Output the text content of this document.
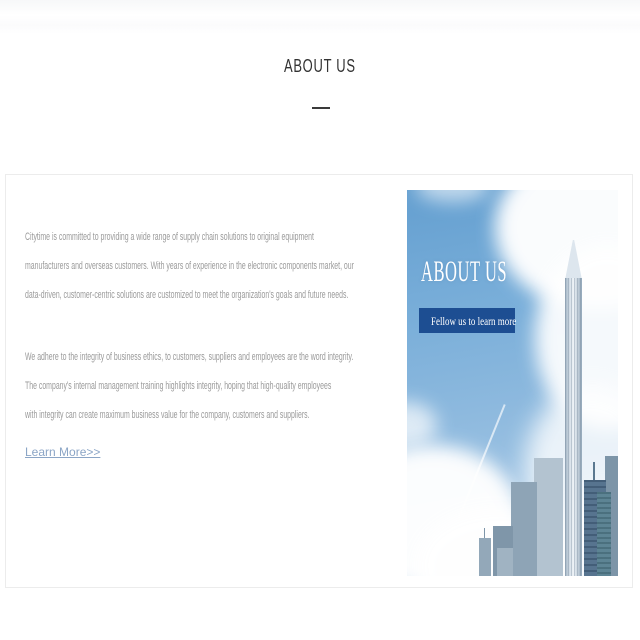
ABOUT US
Citytime is committed to providing a wide range of supply chain solutions to original equipment
manufacturers and overseas customers. With years of experience in the electronic components market, our
data-driven, customer-centric solutions are customized to meet the organization's goals and future needs.
We adhere to the integrity of business ethics, to customers, suppliers and employees are the word integrity.
The company's internal management training highlights integrity, hoping that high-quality employees
with integrity can create maximum business value for the company, customers and suppliers.
Learn More>>
ABOUT US
Fellow us to learn more
